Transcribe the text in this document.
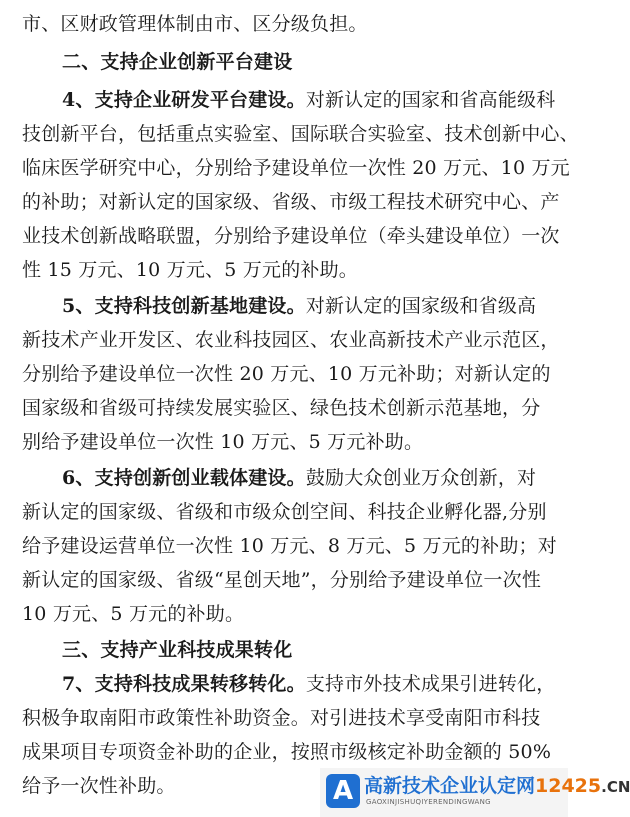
市、区财政管理体制由市、区分级负担。
二、支持企业创新平台建设
4、支持企业研发平台建设。对新认定的国家和省高能级科
技创新平台，包括重点实验室、国际联合实验室、技术创新中心、
临床医学研究中心，分别给予建设单位一次性 20 万元、10 万元
的补助；对新认定的国家级、省级、市级工程技术研究中心、产
业技术创新战略联盟，分别给予建设单位（牵头建设单位）一次
性 15 万元、10 万元、5 万元的补助。
5、支持科技创新基地建设。对新认定的国家级和省级高
新技术产业开发区、农业科技园区、农业高新技术产业示范区，
分别给予建设单位一次性 20 万元、10 万元补助；对新认定的
国家级和省级可持续发展实验区、绿色技术创新示范基地，分
别给予建设单位一次性 10 万元、5 万元补助。
6、支持创新创业载体建设。鼓励大众创业万众创新，对
新认定的国家级、省级和市级众创空间、科技企业孵化器,分别
给予建设运营单位一次性 10 万元、8 万元、5 万元的补助；对
新认定的国家级、省级“星创天地”，分别给予建设单位一次性
10 万元、5 万元的补助。
三、支持产业科技成果转化
7、支持科技成果转移转化。支持市外技术成果引进转化，
积极争取南阳市政策性补助资金。对引进技术享受南阳市科技
成果项目专项资金补助的企业，按照市级核定补助金额的 50%
给予一次性补助。	A 高新技术企业认定网12425.CN
GAOXINJISHUQIYERENDINGWANG
